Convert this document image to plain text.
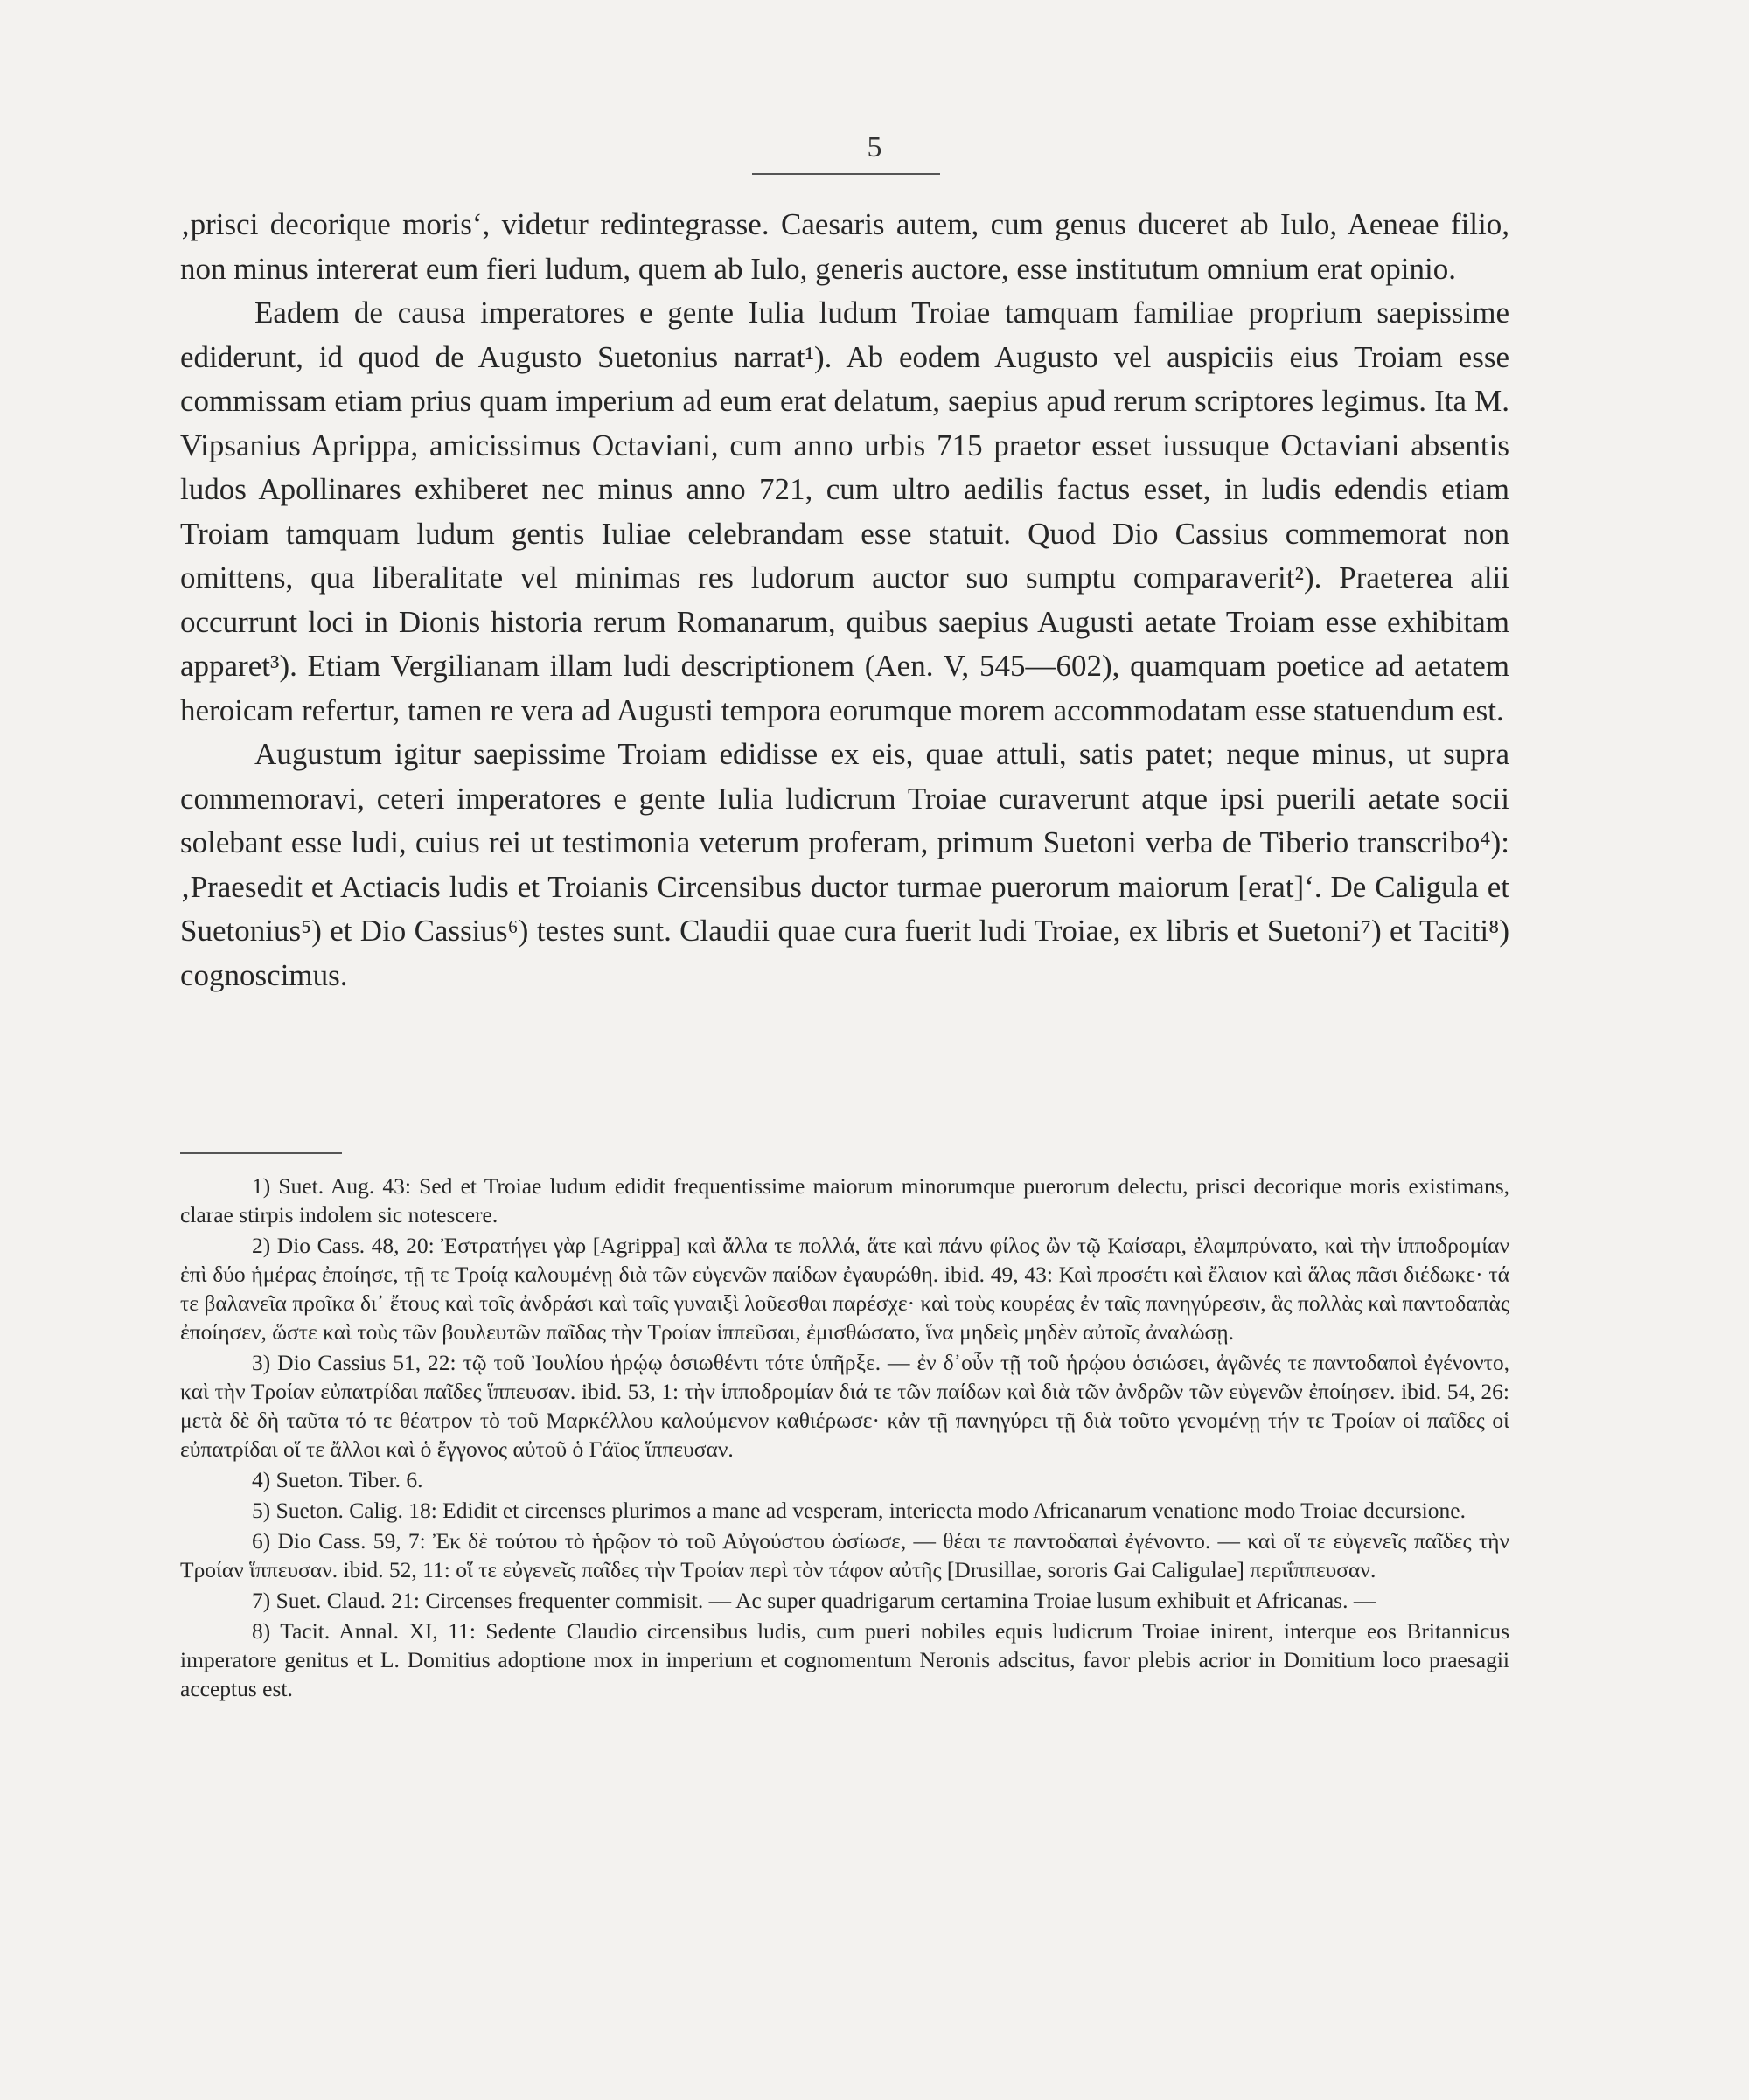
5

‚prisci decorique moris‘, videtur redintegrasse. Caesaris autem, cum genus duceret ab Iulo, Aeneae filio, non minus intererat eum fieri ludum, quem ab Iulo, generis auctore, esse institutum omnium erat opinio.

Eadem de causa imperatores e gente Iulia ludum Troiae tamquam familiae proprium saepissime ediderunt, id quod de Augusto Suetonius narrat¹). Ab eodem Augusto vel auspiciis eius Troiam esse commissam etiam prius quam imperium ad eum erat delatum, saepius apud rerum scriptores legimus. Ita M. Vipsanius Aprippa, amicissimus Octaviani, cum anno urbis 715 praetor esset iussuque Octaviani absentis ludos Apollinares exhiberet nec minus anno 721, cum ultro aedilis factus esset, in ludis edendis etiam Troiam tamquam ludum gentis Iuliae celebrandam esse statuit. Quod Dio Cassius commemorat non omittens, qua liberalitate vel minimas res ludorum auctor suo sumptu comparaverit²). Praeterea alii occurrunt loci in Dionis historia rerum Romanarum, quibus saepius Augusti aetate Troiam esse exhibitam apparet³). Etiam Vergilianam illam ludi descriptionem (Aen. V, 545—602), quamquam poetice ad aetatem heroicam refertur, tamen re vera ad Augusti tempora eorumque morem accommodatam esse statuendum est.

Augustum igitur saepissime Troiam edidisse ex eis, quae attuli, satis patet; neque minus, ut supra commemoravi, ceteri imperatores e gente Iulia ludicrum Troiae curaverunt atque ipsi puerili aetate socii solebant esse ludi, cuius rei ut testimonia veterum proferam, primum Suetoni verba de Tiberio transcribo⁴): ‚Praesedit et Actiacis ludis et Troianis Circensibus ductor turmae puerorum maiorum [erat]‘. De Caligula et Suetonius⁵) et Dio Cassius⁶) testes sunt. Claudii quae cura fuerit ludi Troiae, ex libris et Suetoni⁷) et Taciti⁸) cognoscimus.

1) Suet. Aug. 43: Sed et Troiae ludum edidit frequentissime maiorum minorumque puerorum delectu, prisci decorique moris existimans, clarae stirpis indolem sic notescere.

2) Dio Cass. 48, 20: Ἐστρατήγει γὰρ [Agrippa] καὶ ἄλλα τε πολλά, ἅτε καὶ πάνυ φίλος ὢν τῷ Καίσαρι, ἐλαμπρύνατο, καὶ τὴν ἱπποδρομίαν ἐπὶ δύο ἡμέρας ἐποίησε, τῇ τε Τροίᾳ καλουμένῃ διὰ τῶν εὐγενῶν παίδων ἐγαυρώθη. ibid. 49, 43: Καὶ προσέτι καὶ ἔλαιον καὶ ἅλας πᾶσι διέδωκε· τά τε βαλανεῖα προῖκα δι᾽ ἔτους καὶ τοῖς ἀνδράσι καὶ ταῖς γυναιξὶ λοῦεσθαι παρέσχε· καὶ τοὺς κουρέας ἐν ταῖς πανηγύρεσιν, ἃς πολλὰς καὶ παντοδαπὰς ἐποίησεν, ὥστε καὶ τοὺς τῶν βουλευτῶν παῖδας τὴν Τροίαν ἱππεῦσαι, ἐμισθώσατο, ἵνα μηδεὶς μηδὲν αὐτοῖς ἀναλώσῃ.

3) Dio Cassius 51, 22: τῷ τοῦ Ἰουλίου ἡρῴῳ ὁσιωθέντι τότε ὑπῆρξε. — ἐν δ᾽οὖν τῇ τοῦ ἡρῴου ὁσιώσει, ἀγῶνές τε παντοδαποὶ ἐγένοντο, καὶ τὴν Τροίαν εὐπατρίδαι παῖδες ἵππευσαν. ibid. 53, 1: τὴν ἱπποδρομίαν διά τε τῶν παίδων καὶ διὰ τῶν ἀνδρῶν τῶν εὐγενῶν ἐποίησεν. ibid. 54, 26: μετὰ δὲ δὴ ταῦτα τό τε θέατρον τὸ τοῦ Μαρκέλλου καλούμενον καθιέρωσε· κἀν τῇ πανηγύρει τῇ διὰ τοῦτο γενομένῃ τήν τε Τροίαν οἱ παῖδες οἱ εὐπατρίδαι οἵ τε ἄλλοι καὶ ὁ ἔγγονος αὐτοῦ ὁ Γάϊος ἵππευσαν.

4) Sueton. Tiber. 6.

5) Sueton. Calig. 18: Edidit et circenses plurimos a mane ad vesperam, interiecta modo Africanarum venatione modo Troiae decursione.

6) Dio Cass. 59, 7: Ἐκ δὲ τούτου τὸ ἡρῷον τὸ τοῦ Αὐγούστου ὡσίωσε, — θέαι τε παντοδαπαὶ ἐγένοντο. — καὶ οἵ τε εὐγενεῖς παῖδες τὴν Τροίαν ἵππευσαν. ibid. 52, 11: οἵ τε εὐγενεῖς παῖδες τὴν Τροίαν περὶ τὸν τάφον αὐτῆς [Drusillae, sororis Gai Caligulae] περιΐππευσαν.

7) Suet. Claud. 21: Circenses frequenter commisit. — Ac super quadrigarum certamina Troiae lusum exhibuit et Africanas. —

8) Tacit. Annal. XI, 11: Sedente Claudio circensibus ludis, cum pueri nobiles equis ludicrum Troiae inirent, interque eos Britannicus imperatore genitus et L. Domitius adoptione mox in imperium et cognomentum Neronis adscitus, favor plebis acrior in Domitium loco praesagii acceptus est.
